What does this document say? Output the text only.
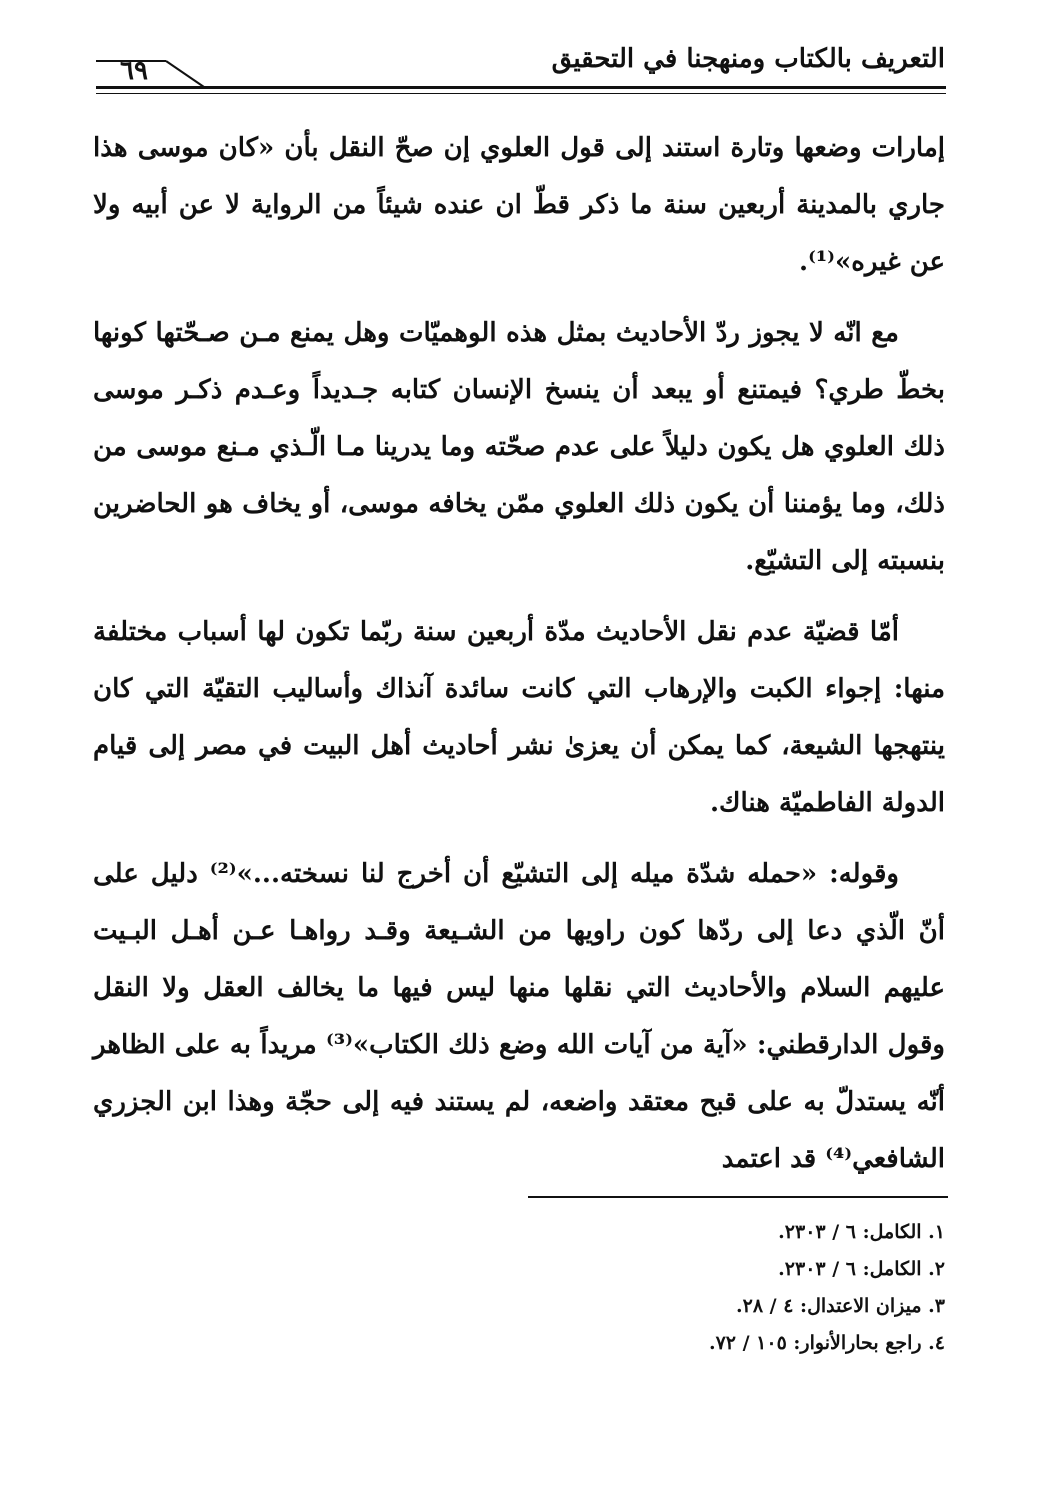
التعريف بالكتاب ومنهجنا في التحقيق
٦٩

إمارات وضعها وتارة استند إلى قول العلوي إن صحّ النقل بأن «كان موسى هذا جاري بالمدينة أربعين سنة ما ذكر قطّ ان عنده شيئاً من الرواية لا عن أبيه ولا عن غيره»⁽¹⁾.

مع انّه لا يجوز ردّ الأحاديث بمثل هذه الوهميّات وهل يمنع مـن صـحّتها كونها بخطّ طري؟ فيمتنع أو يبعد أن ينسخ الإنسان كتابه جـديداً وعـدم ذكـر موسى ذلك العلوي هل يكون دليلاً على عدم صحّته وما يدرينا مـا الّـذي مـنع موسى من ذلك، وما يؤمننا أن يكون ذلك العلوي ممّن يخافه موسى، أو يخاف هو الحاضرين بنسبته إلى التشيّع.

أمّا قضيّة عدم نقل الأحاديث مدّة أربعين سنة ربّما تكون لها أسباب مختلفة منها: إجواء الكبت والإرهاب التي كانت سائدة آنذاك وأساليب التقيّة التي كان ينتهجها الشيعة، كما يمكن أن يعزىٰ نشر أحاديث أهل البيت في مصر إلى قيام الدولة الفاطميّة هناك.

وقوله: «حمله شدّة ميله إلى التشيّع أن أخرج لنا نسخته...»⁽²⁾ دليل على أنّ الّذي دعا إلى ردّها كون راويها من الشـيعة وقـد رواهـا عـن أهـل البـيت عليهم السلام والأحاديث التي نقلها منها ليس فيها ما يخالف العقل ولا النقل وقول الدارقطني: «آية من آيات الله وضع ذلك الكتاب»⁽³⁾ مريداً به على الظاهر أنّه يستدلّ به على قبح معتقد واضعه، لم يستند فيه إلى حجّة وهذا ابن الجزري الشافعي⁽⁴⁾ قد اعتمد

١. الكامل: ٦ / ٢٣٠٣.
٢. الكامل: ٦ / ٢٣٠٣.
٣. ميزان الاعتدال: ٤ / ٢٨.
٤. راجع بحارالأنوار: ١٠٥ / ٧٢.
